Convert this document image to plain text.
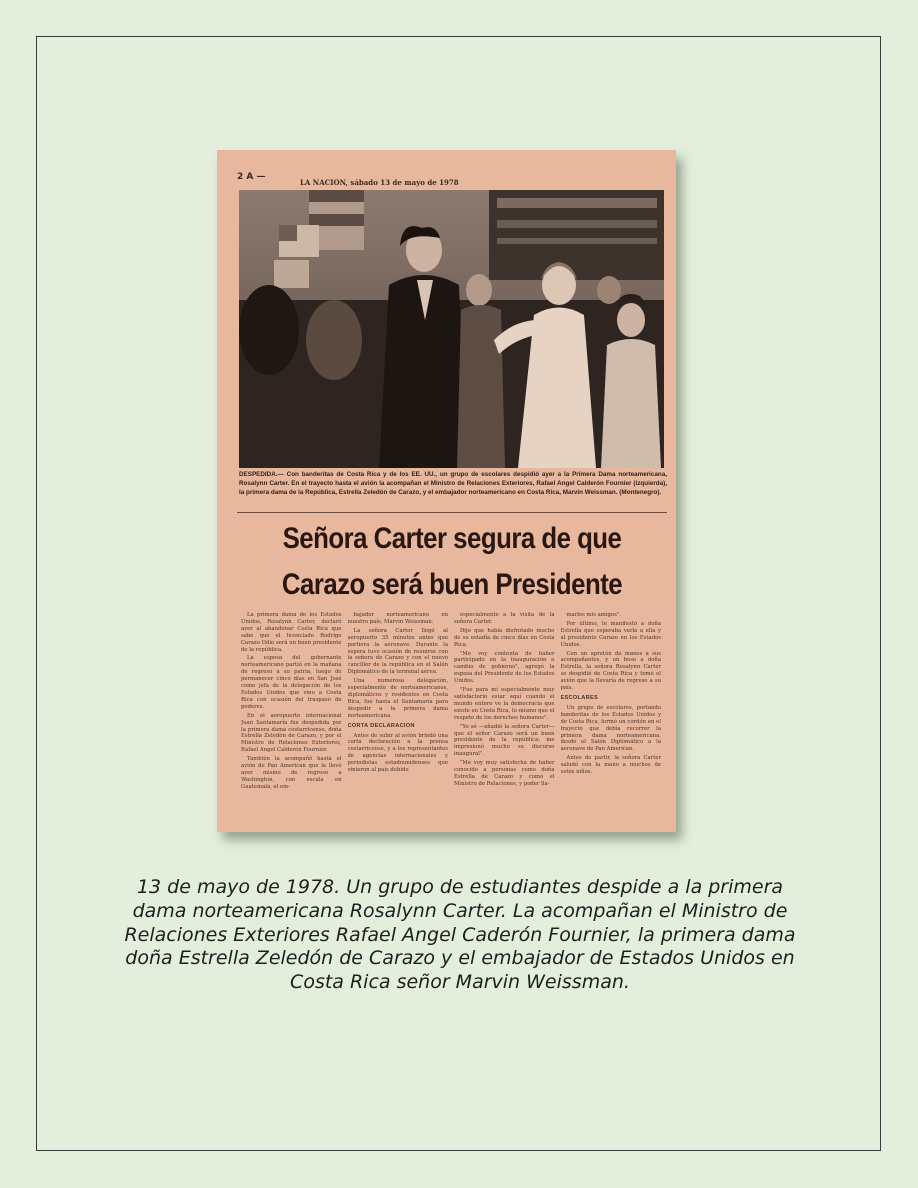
2 A —
LA NACION, sábado 13 de mayo de 1978
DESPEDIDA.— Con banderitas de Costa Rica y de los EE. UU., un grupo de escolares despidió ayer a la Primera Dama norteamericana, Rosalynn Carter. En el trayecto hasta el avión la acompañan el Ministro de Relaciones Exteriores, Rafael Angel Calderón Fournier (izquierda), la primera dama de la República, Estrella Zeledón de Carazo, y el embajador norteamericano en Costa Rica, Marvin Weissman. (Montenegro).
Señora Carter segura de que
Carazo será buen Presidente

La primera dama de los Estados Unidos, Rosalynn Carter, declaró ayer al abandonar Costa Rica que sabe que el licenciado Rodrigo Carazo Odio será un buen presidente de la república.

La esposa del gobernante norteamericano partió en la mañana de regreso a su patria, luego de permanecer cinco días en San José como jefa de la delegación de los Estados Unidos que vino a Costa Rica con ocasión del traspaso de poderes.

En el aeropuerto internacional Juan Santamaría fue despedida por la primera dama costarricense, doña Estrella Zeledón de Carazo, y por el Ministro de Relaciones Exteriores, Rafael Angel Calderón Fournier.

También la acompañó hasta el avión de Pan American que la llevó ayer mismo de regreso a Washington, con escala en Guatemala, el em-

bajador norteamericano en nuestro país, Marvin Weissman.

La señora Carter llegó al aeropuerto 35 minutos antes que partiera la aeronave. Durante la espera tuvo ocasión de reunirse con la señora de Carazo y con el nuevo canciller de la república en el Salón Diplomático de la terminal aérea.

Una numerosa delegación, especialmente de norteamericanos, diplomáticos y residentes en Costa Rica, fue hasta el Santamaría para despedir a la primera dama norteamericana.

CORTA DECLARACION

Antes de subir al avión brindó una corta declaración a la prensa costarricense, y a los representantes de agencias internacionales y periodistas estadounidenses que vinieron al país debido

especialmente a la visita de la señora Carter.

Dijo que había disfrutado mucho de su estadía de cinco días en Costa Rica.

"Me voy contenta de haber participado en la inauguración o cambio de gobierno", agregó la esposa del Presidente de los Estados Unidos.

"Fue para mí especialmente muy satisfactorio estar aquí cuando el mundo entero ve la democracia que existe en Costa Rica, lo mismo que el respeto de los derechos humanos".

"Yo sé —añadió la señora Carter— que el señor Carazo será un buen presidente de la república; me impresionó mucho su discurso inaugural".

"Me voy muy satisfecha de haber conocido a personas como doña Estrella de Carazo y como el Ministro de Relaciones, y poder lla-

marlos mis amigos".

Por último, le manifestó a doña Estrella que esperaba verla a ella y al presidente Carazo en los Estados Unidos.

Con un apretón de manos a sus acompañantes, y un beso a doña Estrella, la señora Rosalynn Carter se despidió de Costa Rica y tomó el avión que la llevaría de regreso a su país.

ESCOLARES

Un grupo de escolares, portando banderitas de los Estados Unidos y de Costa Rica, formó un cordón en el trayecto que debía recorrer la primera dama norteamericana, desde el Salón Diplomático a la aeronave de Pan American.

Antes de partir, la señora Carter saludó con la mano a muchos de estos niños.

13 de mayo de 1978. Un grupo de estudiantes despide a la primera dama norteamericana Rosalynn Carter. La acompañan el Ministro de Relaciones Exteriores Rafael Angel Caderón Fournier, la primera dama doña Estrella Zeledón de Carazo y el embajador de Estados Unidos en Costa Rica señor Marvin Weissman.
